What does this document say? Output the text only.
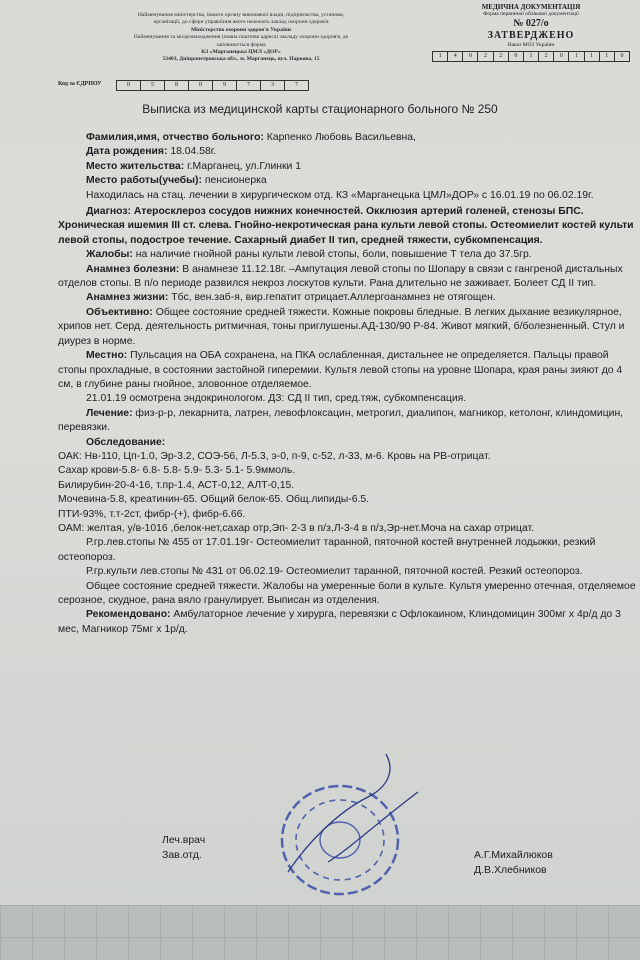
Найменування міністерства, іншого органу виконавчої влади, підприємства, установи,
організації, до сфери управління якого належить заклад охорони здоров'я
Міністерство охорони здоров'я України
Найменування та місцезнаходження (повна поштова адреса) закладу охорони здоров'я, де
заповнюється форма
КЗ «Марганецька ЦМЛ «ДОР»
53403, Дніпропетровська обл., м. Марганець, вул. Паркова, 15
Код за ЄДРПОУ	0	5	8	0	9	7	3	7
МЕДИЧНА ДОКУМЕНТАЦІЯ
Форма первинної облікової документації
№ 027/о
ЗАТВЕРДЖЕНО
Наказ МОЗ України
1	4	0	2	2	0	1	2	0	1	1	1	0
Выписка из медицинской карты стационарного больного № 250

Фамилия,имя, отчество больного: Карпенко Любовь Васильевна,

Дата рождения: 18.04.58г.

Место жительства: г.Марганец, ул.Глинки 1

Место работы(учебы): пенсионерка

Находилась на стац. лечении в хирургическом отд. КЗ «Марганецька ЦМЛ»ДОР» с 16.01.19 по 06.02.19г.

Диагноз: Атеросклероз сосудов нижних конечностей. Окклюзия артерий голеней, стенозы БПС. Хроническая ишемия III ст. слева. Гнойно-некротическая рана культи левой стопы. Остеомиелит костей культи левой стопы, подострое течение. Сахарный диабет II тип, средней тяжести, субкомпенсация.

Жалобы: на наличие гнойной раны культи левой стопы, боли, повышение Т тела до 37.5гр.

Анамнез болезни: В анамнезе 11.12.18г. –Ампутация левой стопы по Шопару в связи с гангреной дистальных отделов стопы. В п/о периоде развился некроз лоскутов культи. Рана длительно не заживает. Болеет СД II тип.

Анамнез жизни: Тбс, вен.заб-я, вир.гепатит отрицает.Аллергоанамнез не отягощен.

Объективно: Общее состояние средней тяжести. Кожные покровы бледные. В легких дыхание везикулярное, хрипов нет. Серд. деятельность ритмичная, тоны приглушены.АД-130/90 Р-84. Живот мягкий, б/болезненный. Стул и диурез в норме.

Местно: Пульсация на ОБА сохранена, на ПКА ослабленная, дистальнее не определяется. Пальцы правой стопы прохладные, в состоянии застойной гиперемии. Культя левой стопы на уровне Шопара, края раны зияют до 4 см, в глубине раны гнойное, зловонное отделяемое.

21.01.19 осмотрена эндокринологом. ДЗ: СД II тип, сред.тяж, субкомпенсация.

Лечение: физ-р-р, лекарнита, латрен, левофлоксацин, метрогил, диалипон, магникор, кетолонг, клиндомицин, перевязки.

Обследование:

ОАК: Нв-110, Цп-1.0, Эр-3.2, СОЭ-56, Л-5.3, э-0, п-9, с-52, л-33, м-6. Кровь на РВ-отрицат.

Сахар крови-5.8- 6.8- 5.8- 5.9- 5.3- 5.1- 5.9ммоль.

Билирубин-20-4-16, т.пр-1.4, АСТ-0,12, АЛТ-0,15.

Мочевина-5.8, креатинин-65. Общий белок-65. Общ.липиды-6.5.

ПТИ-93%, т.т-2ст, фибр-(+), фибр-6.66.

ОАМ: желтая, у/в-1016 ,белок-нет,сахар отр,Эп- 2-3 в п/з,Л-3-4 в п/з,Эр-нет.Моча на сахар отрицат.

Р.гр.лев.стопы № 455 от 17.01.19г- Остеомиелит таранной, пяточной костей внутренней лодыжки, резкий остеопороз.

Р.гр.культи лев.стопы № 431 от 06.02.19- Остеомиелит таранной, пяточной костей. Резкий остеопороз.

Общее состояние средней тяжести. Жалобы на умеренные боли в культе. Культя умеренно отечная, отделяемое серозное, скудное, рана вяло гранулирует. Выписан из отделения.

Рекомендовано: Амбулаторное лечение у хирурга, перевязки с Офлокаином, Клиндомицин 300мг х 4р/д до 3 мес, Магникор 75мг х 1р/д.

Леч.врач
Зав.отд.	А.Г.Михайлюков
Д.В.Хлебников
